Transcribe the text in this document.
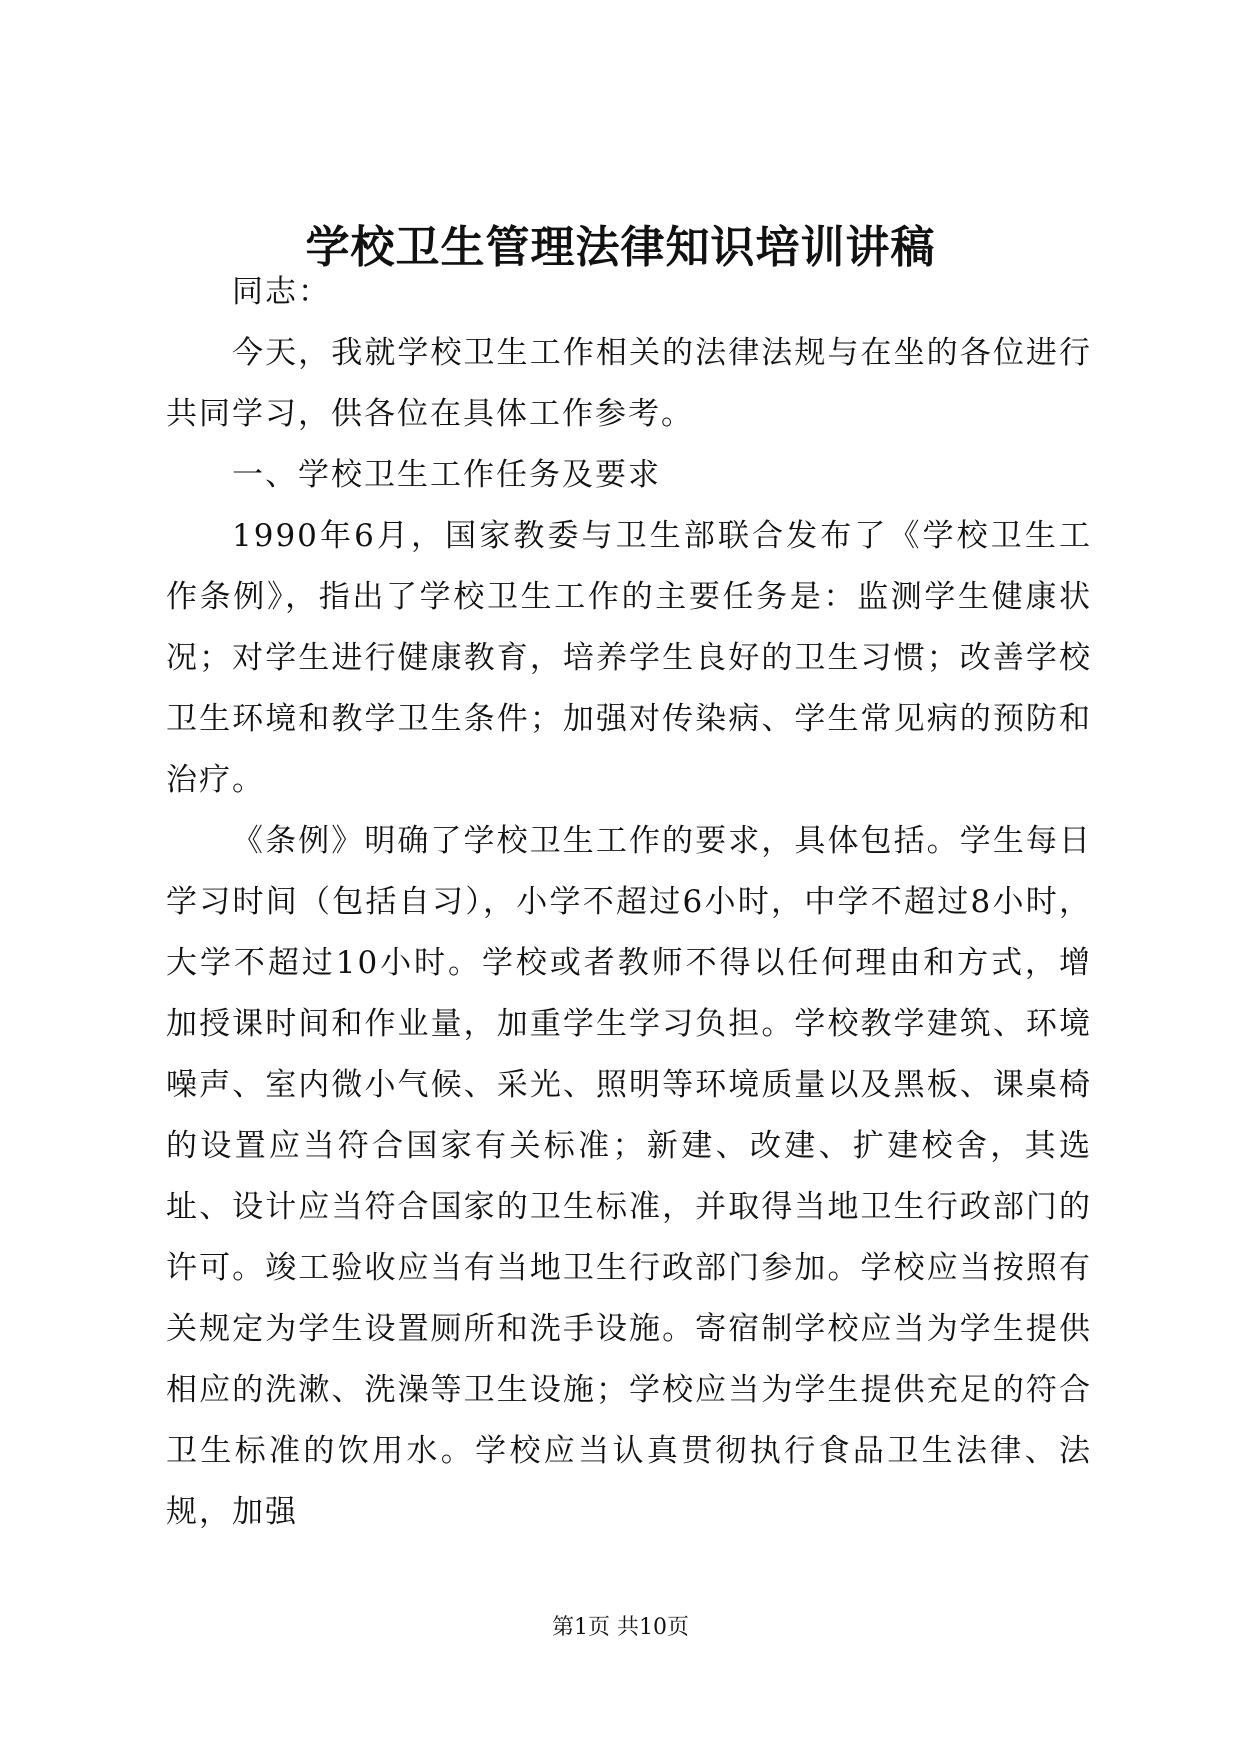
学校卫生管理法律知识培训讲稿

同志：

今天，我就学校卫生工作相关的法律法规与在坐的各位进行共同学习，供各位在具体工作参考。

一、学校卫生工作任务及要求

1990年6月，国家教委与卫生部联合发布了《学校卫生工作条例》，指出了学校卫生工作的主要任务是：监测学生健康状况；对学生进行健康教育，培养学生良好的卫生习惯；改善学校卫生环境和教学卫生条件；加强对传染病、学生常见病的预防和治疗。

《条例》明确了学校卫生工作的要求，具体包括。学生每日学习时间（包括自习），小学不超过6小时，中学不超过8小时，大学不超过10小时。学校或者教师不得以任何理由和方式，增加授课时间和作业量，加重学生学习负担。学校教学建筑、环境噪声、室内微小气候、采光、照明等环境质量以及黑板、课桌椅的设置应当符合国家有关标准；新建、改建、扩建校舍，其选址、设计应当符合国家的卫生标准，并取得当地卫生行政部门的许可。竣工验收应当有当地卫生行政部门参加。学校应当按照有关规定为学生设置厕所和洗手设施。寄宿制学校应当为学生提供相应的洗漱、洗澡等卫生设施；学校应当为学生提供充足的符合卫生标准的饮用水。学校应当认真贯彻执行食品卫生法律、法规，加强

第1页 共10页
